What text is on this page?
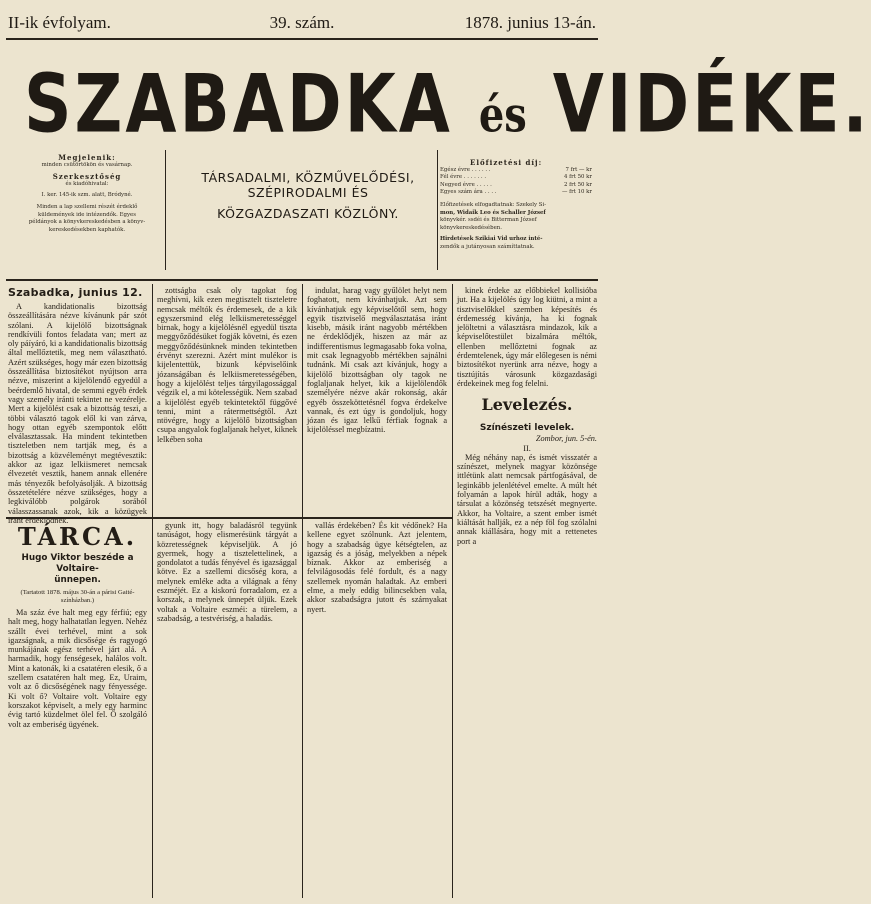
II-ik évfolyam.	39. szám.	1878. junius 13-án.
SZABADKA és VIDÉKE.
TÁRSADALMI, KÖZMŰVELŐDÉSI, SZÉPIRODALMI ÉS
KÖZGAZDASZATI KÖZLÖNY.

Megjelenik:

minden csütörtökön és vasárnap.

Szerkesztőség

és kiadóhivatal:

I. ker. 145-ik szm. alatt, Bródyné.

Minden a lap szellemi részét érdeklő

küldemények ide intézendők. Egyes

példányok a könyvkereskedésben a könyv-

kereskedésekben kaphatók.

Előfizetési díj:

Egész évre . . . . . .	7 frt — kr
Fél évre . . . . . . .	4 frt 50 kr
Negyed évre . . . . .	2 frt 50 kr
Egyes szám ára . . . .	— frt 10 kr

Előfizetések elfogadtatnak: Szekely Si-

mon, Widaik Leo és Schaller József

könyvkér. ssdéi és Bitterman József

könyvkereskedésében.

Hirdetések Szikiai Vid urhoz inté-

zendők a jutányosan számíttatnak.

Szabadka, junius 12.

A kandidationalis bizottság összeállítására nézve kívánunk pár szót szólani. A kijelölő bizottságnak rendkívüli fontos feladata van; mert az oly páíyáró, ki a kandidationalis bizottság által mellőztetik, meg nem választható. Azért szükséges, hogy már ezen bizottság összeállítása biztosítékot nyújtson arra nézve, miszerint a kijelölendő egyedül a beérdemlő hivatal, de semmi egyéb érdek vagy személy iránti tekintet ne vezérelje. Mert a kijelölést csak a bizottság teszi, a többi választó tagok elől ki van zárva, hogy ottan egyéb szempontok előtt elválasztassak. Ha mindent tekintetben tiszteletben nem tartják meg, és a bizottság a közvéleményt megtévesztik: akkor az igaz lelkiismeret nemcsak élvezetét vesztik, hanem annak ellenére más tényezők befolyásolják. A bizottság összetételére nézve szükséges, hogy a legkiválóbb polgárok sorából válasszassanak azok, kik a közügyek iránt érdeklődnek.

zottságba csak oly tagokat fog meghívni, kik ezen megtisztelt tiszteletre nemcsak méltók és érdemesek, de a kik egyszersmind elég lelkiismeretességgel birnak, hogy a kijelölésnél egyedül tiszta meggyőződésüket fogják követni, és ezen meggyőződésünknek minden tekintetben érvényt szerezni. Azért mint mulékor is kijelentettük, bizunk képviselőink józanságában és lelkiismeretességében, hogy a kijelölést teljes tárgyilagossággal végzik el, a mi kötelességük. Nem szabad a kijelölést egyéb tekintetektől függővé tenni, mint a rátermettségtől. Azt ntövégre, hogy a kijelölő bizottságban csupa angyalok foglaljanak helyet, kiknek lelkében soha

indulat, harag vagy gyűlölet helyt nem foghatott, nem kívánhatjuk. Azt sem kívánhatjuk egy képviselőtől sem, hogy egyik tisztviselő megválasztatása iránt kisebb, másik iránt nagyobb mértékben ne érdeklődjék, hiszen az már az indifferentismus legmagasabb foka volna, mit csak legnagyobb mértékben sajnálni tudnánk. Mi csak azt kívánjuk, hogy a kijelölő bizottságban oly tagok ne foglaljanak helyet, kik a kijelölendők személyére nézve akár rokonság, akár egyéb összeköttetésnél fogva érdekelve vannak, és ezt úgy is gondoljuk, hogy józan és igaz lelkű férfiak fognak a kijelöléssel megbízatni.

kinek érdeke az előbbiekel kollisióba jut. Ha a kijelölés úgy log kiütni, a mint a tisztviselőkkel szemben képesítés és érdemesség kívánja, ha ki fognak jelöltetni a választásra mindazok, kik a képviselőtestület bizalmára méltók, ellenben mellőztetni fognak az érdemtelenek, úgy már előlegesen is némi biztosítékot nyerünk arra nézve, hogy a tisztújítás városunk közgazdasági érdekeinek meg fog felelni.

Levelezés.
Színészeti levelek.

Zombor, jun. 5-én.

II.

Még néhány nap, és ismét visszatér a színészet, melynek magyar közönsége ittlétünk alatt nemcsak pártfogásával, de leginkább jelenlétével emelte. A múlt hét folyamán a lapok hírül adták, hogy a társulat a közönség tetszését megnyerte. Akkor, ha Voltaire, a szent ember ismét kiáltását hallják, ez a nép föl fog szólalni annak kiállására, hogy mit a rettenetes port a

TÁRCA.
Hugo Viktor beszéde a Voltaire-
ünnepen.

(Tartatott 1878. május 30-án a párisi Gaité-színházban.)

Ma száz éve halt meg egy férfiú; egy halt meg, hogy halhatatlan legyen. Nehéz szállt évei terhével, mint a sok igazságnak, a mik dicsősége és ragyogó munkájának egész terhével járt alá. A harmadik, hogy fenségesek, halálos volt. Mint a katonák, ki a csatatéren elesik, ő a szellem csatatéren halt meg. Ez, Uraim, volt az ő dicsőségének nagy fényessége. Ki volt ő? Voltaire volt. Voltaire egy korszakot képviselt, a mely egy harminc évig tartó küzdelmet ölel fel. Ő szolgáló volt az emberiség ügyének.

gyunk itt, hogy baladásról tegyünk tanúságot, hogy elismerésünk tárgyát a közretességnek képviseljük. A jó gyermek, hogy a tisztelettelinek, a gondolatot a tudás fényével és igazsággal kötve. Ez a szellemi dicsőség kora, a melynek emléke adta a világnak a fény eszméjét. Ez a kiskorú forradalom, ez a korszak, a melynek ünnepét üljük. Ezek voltak a Voltaire eszméi: a türelem, a szabadság, a testvériség, a haladás.

vallás érdekében? És kit védőnek? Ha kellene egyet szólnunk. Azt jelentem, hogy a szabadság ügye kétségtelen, az igazság és a jóság, melyekben a népek bíznak. Akkor az emberiség a felvilágosodás felé fordult, és a nagy szellemek nyomán haladtak. Az emberi elme, a mely eddig bilincsekben vala, akkor szabadságra jutott és szárnyakat nyert.
